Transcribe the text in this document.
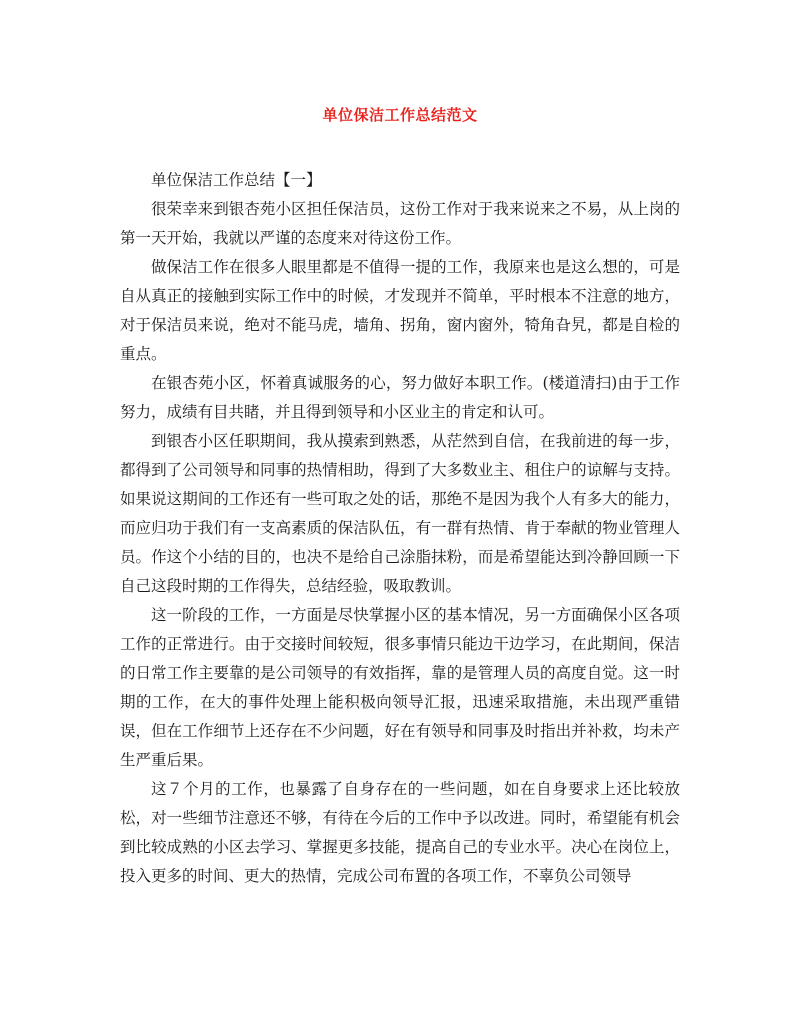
单位保洁工作总结范文

单位保洁工作总结【一】

很荣幸来到银杏苑小区担任保洁员，这份工作对于我来说来之不易，从上岗的第一天开始，我就以严谨的态度来对待这份工作。

做保洁工作在很多人眼里都是不值得一提的工作，我原来也是这么想的，可是自从真正的接触到实际工作中的时候，才发现并不简单，平时根本不注意的地方，对于保洁员来说，绝对不能马虎，墙角、拐角，窗内窗外，犄角旮旯，都是自检的重点。

在银杏苑小区，怀着真诚服务的心，努力做好本职工作。(楼道清扫)由于工作努力，成绩有目共睹，并且得到领导和小区业主的肯定和认可。

到银杏小区任职期间，我从摸索到熟悉，从茫然到自信，在我前进的每一步，都得到了公司领导和同事的热情相助，得到了大多数业主、租住户的谅解与支持。如果说这期间的工作还有一些可取之处的话，那绝不是因为我个人有多大的能力，而应归功于我们有一支高素质的保洁队伍，有一群有热情、肯于奉献的物业管理人员。作这个小结的目的，也决不是给自己涂脂抹粉，而是希望能达到冷静回顾一下自己这段时期的工作得失，总结经验，吸取教训。

这一阶段的工作，一方面是尽快掌握小区的基本情况，另一方面确保小区各项工作的正常进行。由于交接时间较短，很多事情只能边干边学习，在此期间，保洁的日常工作主要靠的是公司领导的有效指挥，靠的是管理人员的高度自觉。这一时期的工作，在大的事件处理上能积极向领导汇报，迅速采取措施，未出现严重错误，但在工作细节上还存在不少问题，好在有领导和同事及时指出并补救，均未产生严重后果。

这７个月的工作，也暴露了自身存在的一些问题，如在自身要求上还比较放松，对一些细节注意还不够，有待在今后的工作中予以改进。同时，希望能有机会到比较成熟的小区去学习、掌握更多技能，提高自己的专业水平。决心在岗位上，投入更多的时间、更大的热情，完成公司布置的各项工作，不辜负公司领导
